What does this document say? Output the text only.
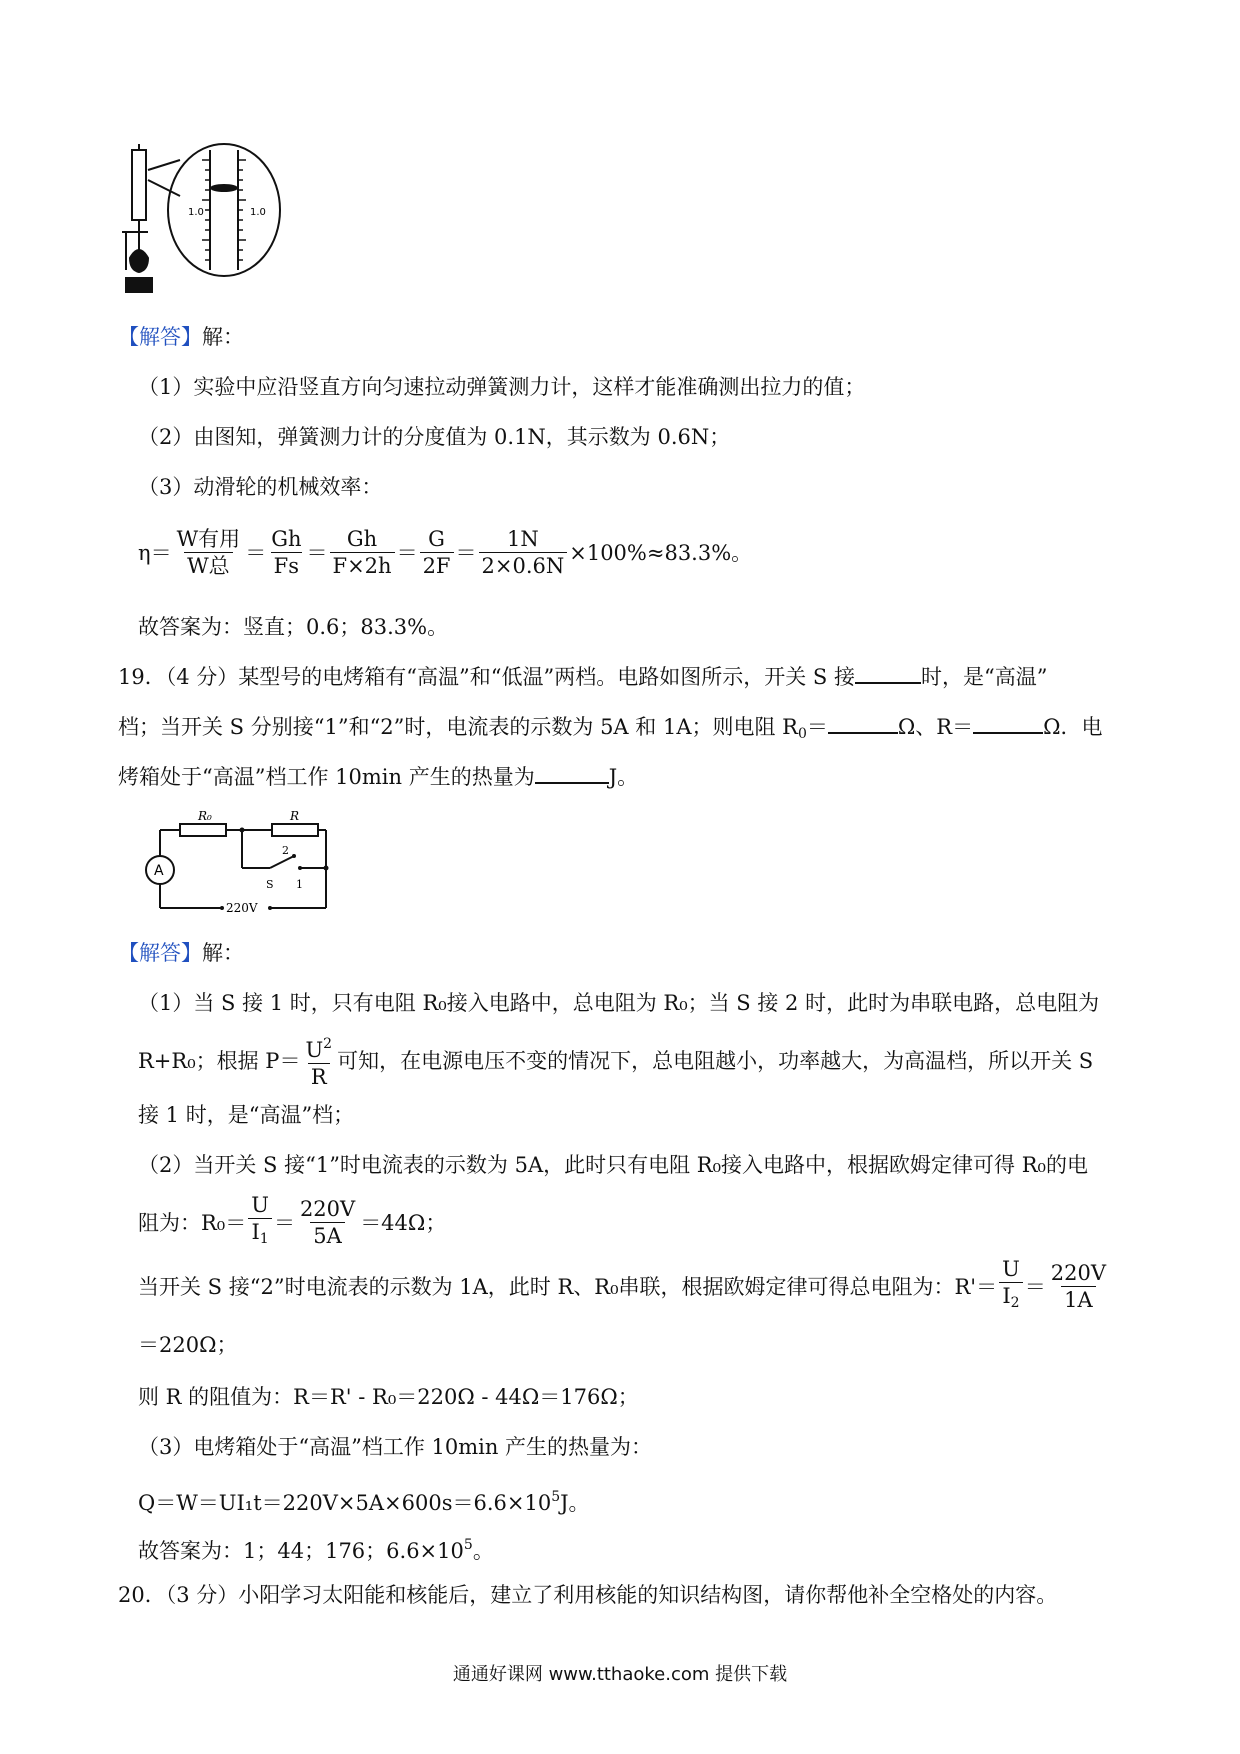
1.0	1.0
【解答】解：
（1）实验中应沿竖直方向匀速拉动弹簧测力计，这样才能准确测出拉力的值；
（2）由图知，弹簧测力计的分度值为 0.1N，其示数为 0.6N；
（3）动滑轮的机械效率：
$\eta= \frac{\text{W有用}}{\text{W总}} = \frac{Gh}{Fs} = \frac{Gh}{F\times 2h} = \frac{G}{2F} = \frac{1N}{2\times 0.6N} \times 100\%\approx 83.3\%$。
故答案为：竖直；0.6；83.3%。
19．（4 分）某型号的电烤箱有“高温”和“低温”两档。电路如图所示，开关 S 接	时，是“高温”
档；当开关 S 分别接“1”和“2”时，电流表的示数为 5A 和 1A；则电阻 $R_0=$	Ω、R＝	Ω．电
烤箱处于“高温”档工作 10min 产生的热量为	J。
R₀	R
A
S 1
2
220V
【解答】解：
（1）当 S 接 1 时，只有电阻 R₀接入电路中，总电阻为 R₀；当 S 接 2 时，此时为串联电路，总电阻为
R+R₀；根据 $P= \frac{U^2}{R}$ 可知，在电源电压不变的情况下，总电阻越小，功率越大，为高温档，所以开关 S
接 1 时，是“高温”档；
（2）当开关 S 接“1”时电流表的示数为 5A，此时只有电阻 R₀接入电路中，根据欧姆定律可得 R₀的电
阻为：$R_0= \frac{U}{I_1} = \frac{220V}{5A} =44\Omega$；
当开关 S 接“2”时电流表的示数为 1A，此时 R、R₀串联，根据欧姆定律可得总电阻为：$R'= \frac{U}{I_2} = \frac{220V}{1A}$
＝220Ω；
则 R 的阻值为：R＝R' - R₀＝220Ω - 44Ω＝176Ω；
（3）电烤箱处于“高温”档工作 10min 产生的热量为：
$Q=W=UI_1t=220V\times 5A\times 600s=6.6\times 10^5J$。
故答案为：1；44；176；$6.6\times 10^5$。
20．（3 分）小阳学习太阳能和核能后，建立了利用核能的知识结构图，请你帮他补全空格处的内容。
通通好课网 www.tthaoke.com 提供下载
